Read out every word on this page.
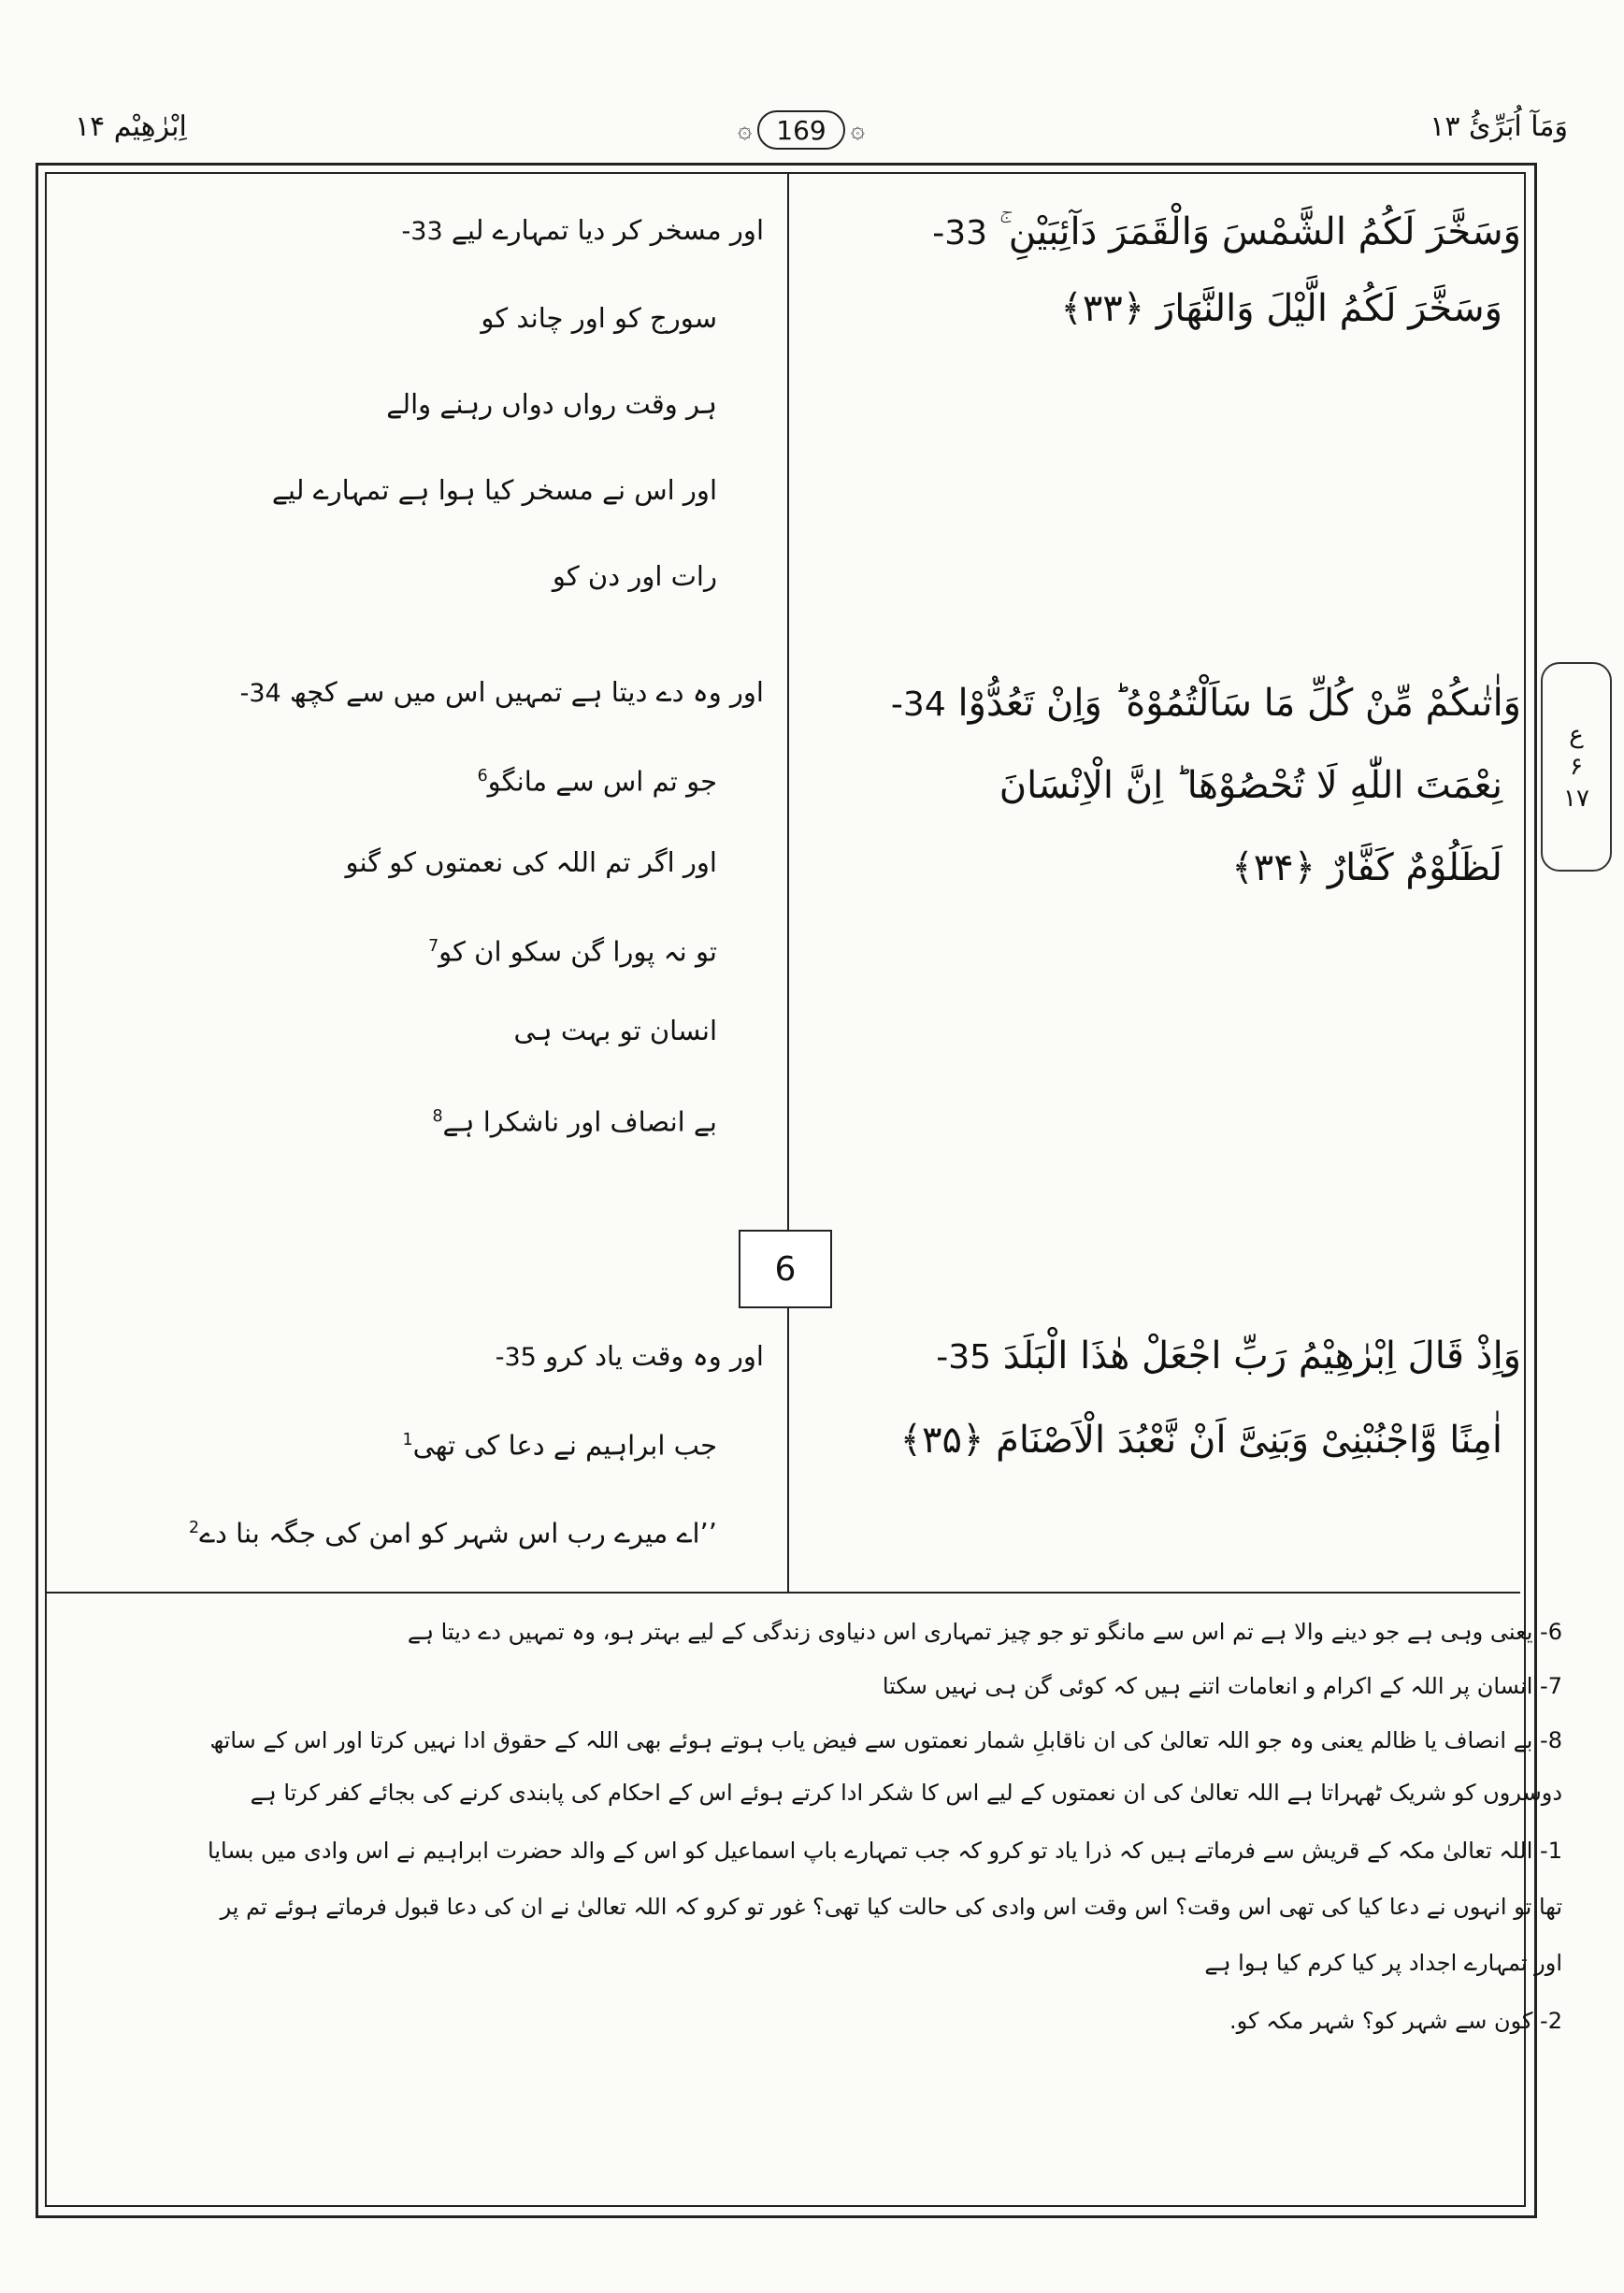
وَمَآ اُبَرِّئُ ۱۳
اِبْرٰهِيْم ۱۴	۞ 169	۞
ع
۶
۱۷
وَسَخَّرَ لَكُمُ الشَّمْسَ وَالْقَمَرَ دَآئِبَيْنِ ۚ 33-
وَسَخَّرَ لَكُمُ الَّيْلَ وَالنَّهَارَ ﴿۳۳﴾
اور مسخر کر دیا تمہارے لیے 33-
سورج کو اور چاند کو
ہر وقت رواں دواں رہنے والے
اور اس نے مسخر کیا ہوا ہے تمہارے لیے
رات اور دن کو
وَاٰتٰىكُمْ مِّنْ كُلِّ مَا سَاَلْتُمُوْهُ ؕ وَاِنْ تَعُدُّوْا 34-
نِعْمَتَ اللّٰهِ لَا تُحْصُوْهَا ؕ اِنَّ الْاِنْسَانَ
لَظَلُوْمٌ كَفَّارٌ ﴿۳۴﴾
اور وہ دے دیتا ہے تمہیں اس میں سے کچھ 34-
جو تم اس سے مانگو$^6$
اور اگر تم اللہ کی نعمتوں کو گنو
تو نہ پورا گن سکو ان کو$^7$
انسان تو بہت ہی
بے انصاف اور ناشکرا ہے$^8$
6
وَاِذْ قَالَ اِبْرٰهِيْمُ رَبِّ اجْعَلْ هٰذَا الْبَلَدَ 35-
اٰمِنًا وَّاجْنُبْنِىْ وَبَنِىَّ اَنْ نَّعْبُدَ الْاَصْنَامَ ﴿۳۵﴾
اور وہ وقت یاد کرو 35-
جب ابراہیم نے دعا کی تھی$^1$
’’اے میرے رب اس شہر کو امن کی جگہ بنا دے$^2$
6- یعنی وہی ہے جو دینے والا ہے تم اس سے مانگو تو جو چیز تمہاری اس دنیاوی زندگی کے لیے بہتر ہو، وہ تمہیں دے دیتا ہے
7- انسان پر اللہ کے اکرام و انعامات اتنے ہیں کہ کوئی گن ہی نہیں سکتا
8- بے انصاف یا ظالم یعنی وہ جو اللہ تعالیٰ کی ان ناقابلِ شمار نعمتوں سے فیض یاب ہوتے ہوئے بھی اللہ کے حقوق ادا نہیں کرتا اور اس کے ساتھ
دوسروں کو شریک ٹھہراتا ہے اللہ تعالیٰ کی ان نعمتوں کے لیے اس کا شکر ادا کرتے ہوئے اس کے احکام کی پابندی کرنے کی بجائے کفر کرتا ہے
1- اللہ تعالیٰ مکہ کے قریش سے فرماتے ہیں کہ ذرا یاد تو کرو کہ جب تمہارے باپ اسماعیل کو اس کے والد حضرت ابراہیم نے اس وادی میں بسایا
تھا تو انہوں نے دعا کیا کی تھی اس وقت؟ اس وقت اس وادی کی حالت کیا تھی؟ غور تو کرو کہ اللہ تعالیٰ نے ان کی دعا قبول فرماتے ہوئے تم پر
اور تمہارے اجداد پر کیا کرم کیا ہوا ہے
2- کون سے شہر کو؟ شہر مکہ کو.
